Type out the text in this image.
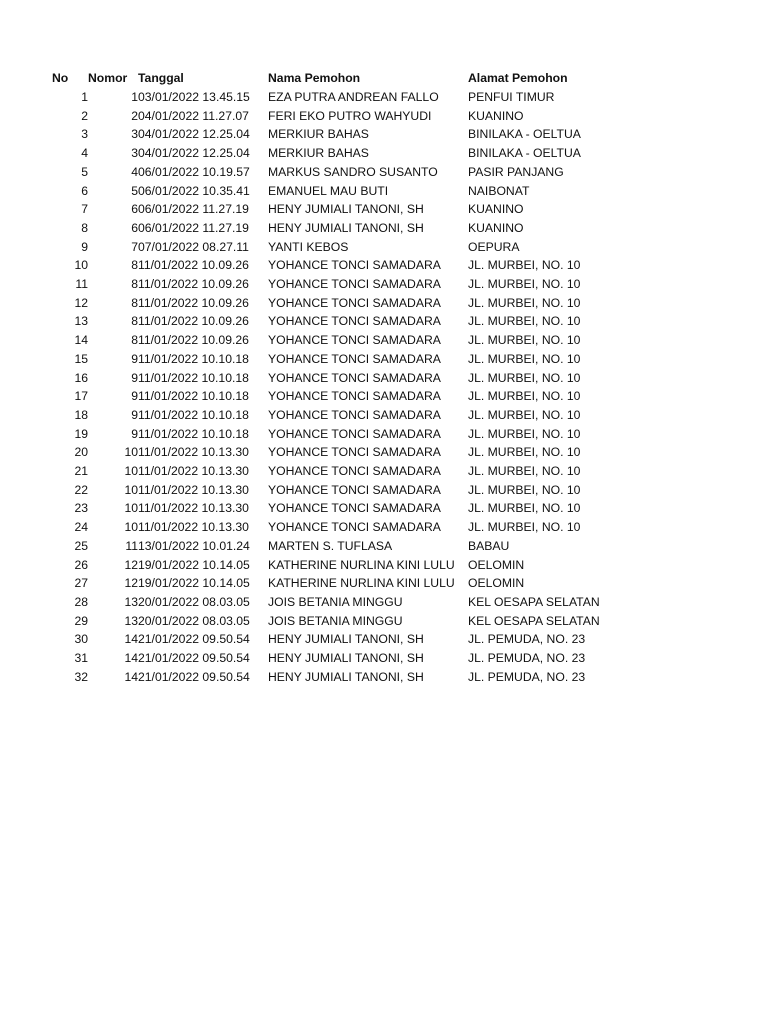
No	Nomor	Tanggal	Nama Pemohon	Alamat Pemohon
1	1	03/01/2022 13.45.15	EZA PUTRA ANDREAN FALLO	PENFUI TIMUR
2	2	04/01/2022 11.27.07	FERI EKO PUTRO WAHYUDI	KUANINO
3	3	04/01/2022 12.25.04	MERKIUR BAHAS	BINILAKA - OELTUA
4	3	04/01/2022 12.25.04	MERKIUR BAHAS	BINILAKA - OELTUA
5	4	06/01/2022 10.19.57	MARKUS SANDRO SUSANTO	PASIR PANJANG
6	5	06/01/2022 10.35.41	EMANUEL MAU BUTI	NAIBONAT
7	6	06/01/2022 11.27.19	HENY JUMIALI TANONI, SH	KUANINO
8	6	06/01/2022 11.27.19	HENY JUMIALI TANONI, SH	KUANINO
9	7	07/01/2022 08.27.11	YANTI KEBOS	OEPURA
10	8	11/01/2022 10.09.26	YOHANCE TONCI SAMADARA	JL. MURBEI, NO. 10
11	8	11/01/2022 10.09.26	YOHANCE TONCI SAMADARA	JL. MURBEI, NO. 10
12	8	11/01/2022 10.09.26	YOHANCE TONCI SAMADARA	JL. MURBEI, NO. 10
13	8	11/01/2022 10.09.26	YOHANCE TONCI SAMADARA	JL. MURBEI, NO. 10
14	8	11/01/2022 10.09.26	YOHANCE TONCI SAMADARA	JL. MURBEI, NO. 10
15	9	11/01/2022 10.10.18	YOHANCE TONCI SAMADARA	JL. MURBEI, NO. 10
16	9	11/01/2022 10.10.18	YOHANCE TONCI SAMADARA	JL. MURBEI, NO. 10
17	9	11/01/2022 10.10.18	YOHANCE TONCI SAMADARA	JL. MURBEI, NO. 10
18	9	11/01/2022 10.10.18	YOHANCE TONCI SAMADARA	JL. MURBEI, NO. 10
19	9	11/01/2022 10.10.18	YOHANCE TONCI SAMADARA	JL. MURBEI, NO. 10
20	10	11/01/2022 10.13.30	YOHANCE TONCI SAMADARA	JL. MURBEI, NO. 10
21	10	11/01/2022 10.13.30	YOHANCE TONCI SAMADARA	JL. MURBEI, NO. 10
22	10	11/01/2022 10.13.30	YOHANCE TONCI SAMADARA	JL. MURBEI, NO. 10
23	10	11/01/2022 10.13.30	YOHANCE TONCI SAMADARA	JL. MURBEI, NO. 10
24	10	11/01/2022 10.13.30	YOHANCE TONCI SAMADARA	JL. MURBEI, NO. 10
25	11	13/01/2022 10.01.24	MARTEN S. TUFLASA	BABAU
26	12	19/01/2022 10.14.05	KATHERINE NURLINA KINI LULU	OELOMIN
27	12	19/01/2022 10.14.05	KATHERINE NURLINA KINI LULU	OELOMIN
28	13	20/01/2022 08.03.05	JOIS BETANIA MINGGU	KEL OESAPA SELATAN
29	13	20/01/2022 08.03.05	JOIS BETANIA MINGGU	KEL OESAPA SELATAN
30	14	21/01/2022 09.50.54	HENY JUMIALI TANONI, SH	JL. PEMUDA, NO. 23
31	14	21/01/2022 09.50.54	HENY JUMIALI TANONI, SH	JL. PEMUDA, NO. 23
32	14	21/01/2022 09.50.54	HENY JUMIALI TANONI, SH	JL. PEMUDA, NO. 23
